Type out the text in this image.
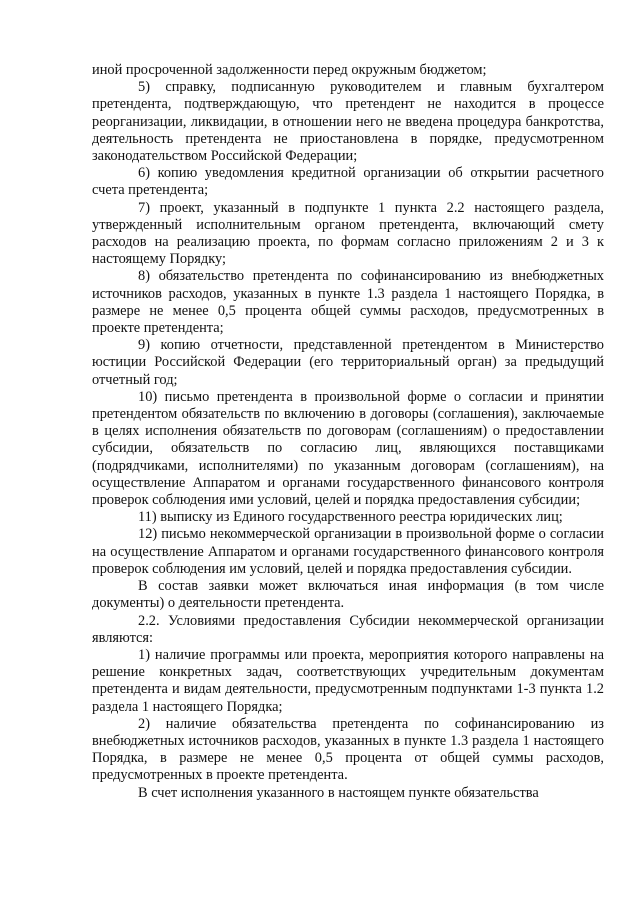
иной просроченной задолженности перед окружным бюджетом;

5) справку, подписанную руководителем и главным бухгалтером претендента, подтверждающую, что претендент не находится в процессе реорганизации, ликвидации, в отношении него не введена процедура банкротства, деятельность претендента не приостановлена в порядке, предусмотренном законодательством Российской Федерации;

6) копию уведомления кредитной организации об открытии расчетного счета претендента;

7) проект, указанный в подпункте 1 пункта 2.2 настоящего раздела, утвержденный исполнительным органом претендента, включающий смету расходов на реализацию проекта, по формам согласно приложениям 2 и 3 к настоящему Порядку;

8) обязательство претендента по софинансированию из внебюджетных источников расходов, указанных в пункте 1.3 раздела 1 настоящего Порядка, в размере не менее 0,5 процента общей суммы расходов, предусмотренных в проекте претендента;

9) копию отчетности, представленной претендентом в Министерство юстиции Российской Федерации (его территориальный орган) за предыдущий отчетный год;

10) письмо претендента в произвольной форме о согласии и принятии претендентом обязательств по включению в договоры (соглашения), заключаемые в целях исполнения обязательств по договорам (соглашениям) о предоставлении субсидии, обязательств по согласию лиц, являющихся поставщиками (подрядчиками, исполнителями) по указанным договорам (соглашениям), на осуществление Аппаратом и органами государственного финансового контроля проверок соблюдения ими условий, целей и порядка предоставления субсидии;

11) выписку из Единого государственного реестра юридических лиц;

12) письмо некоммерческой организации в произвольной форме о согласии на осуществление Аппаратом и органами государственного финансового контроля проверок соблюдения им условий, целей и порядка предоставления субсидии.

В состав заявки может включаться иная информация (в том числе документы) о деятельности претендента.

2.2. Условиями предоставления Субсидии некоммерческой организации являются:

1) наличие программы или проекта, мероприятия которого направлены на решение конкретных задач, соответствующих учредительным документам претендента и видам деятельности, предусмотренным подпунктами 1-3 пункта 1.2 раздела 1 настоящего Порядка;

2) наличие обязательства претендента по софинансированию из внебюджетных источников расходов, указанных в пункте 1.3 раздела 1 настоящего Порядка, в размере не менее 0,5 процента от общей суммы расходов, предусмотренных в проекте претендента.

В счет исполнения указанного в настоящем пункте обязательства
